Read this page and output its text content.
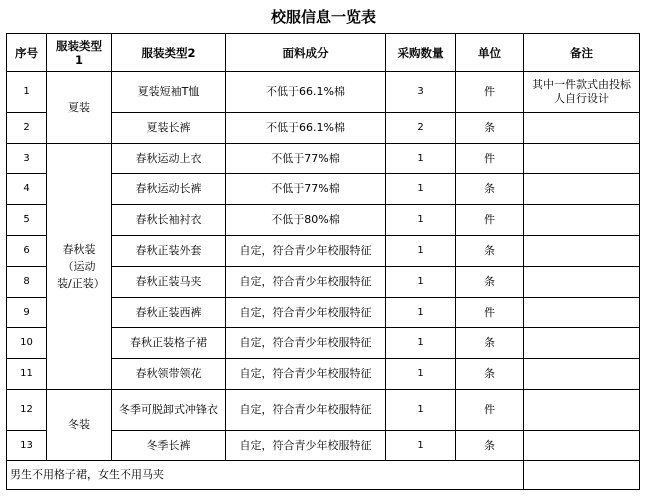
校服信息一览表
序号	服装类型1	服装类型2	面料成分	采购数量	单位	备注
1	夏装	夏装短袖T恤	不低于66.1%棉	3	件	其中一件款式由投标人自行设计
2		夏装长裤	不低于66.1%棉	2	条	
3	春秋装（运动装/正装）	春秋运动上衣	不低于77%棉	1	件	
4		春秋运动长裤	不低于77%棉	1	条	
5		春秋长袖衬衣	不低于80%棉	1	件	
6		春秋正装外套	自定，符合青少年校服特征	1	条	
8		春秋正装马夹	自定，符合青少年校服特征	1	条	
9		春秋正装西裤	自定，符合青少年校服特征	1	件	
10		春秋正装格子裙	自定，符合青少年校服特征	1	条	
11		春秋领带领花	自定，符合青少年校服特征	1	条	
12	冬装	冬季可脱卸式冲锋衣	自定，符合青少年校服特征	1	件	
13		冬季长裤	自定，符合青少年校服特征	1	条	
男生不用格子裙，女生不用马夹						
